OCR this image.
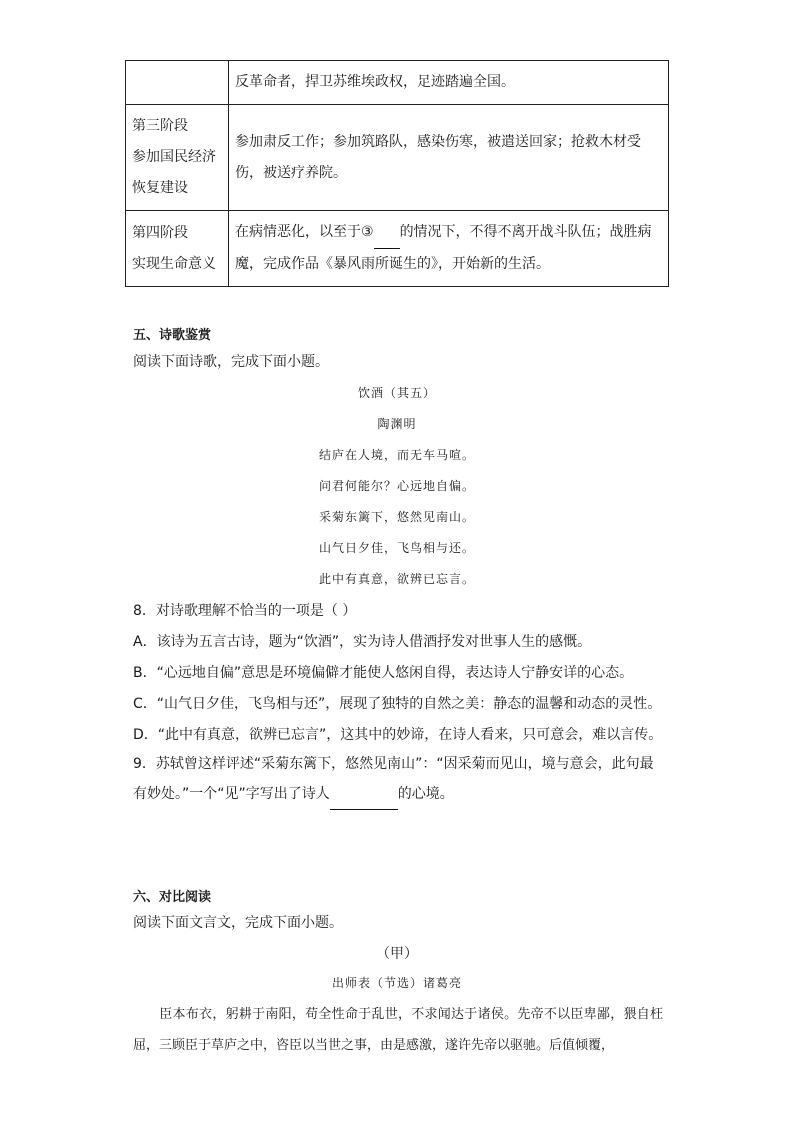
	反革命者，捍卫苏维埃政权，足迹踏遍全国。
第三阶段
参加国民经济
恢复建设	参加肃反工作；参加筑路队，感染伤寒，被遣送回家；抢救木材受伤，被送疗养院。
第四阶段
实现生命意义	在病情恶化，以至于③ 的情况下，不得不离开战斗队伍；战胜病魔，完成作品《暴风雨所诞生的》，开始新的生活。
五、诗歌鉴赏
阅读下面诗歌，完成下面小题。
饮酒（其五）
陶渊明
结庐在人境，而无车马喧。
问君何能尔？心远地自偏。
采菊东篱下，悠然见南山。
山气日夕佳，飞鸟相与还。
此中有真意，欲辨已忘言。
8．对诗歌理解不恰当的一项是（ ）
A．该诗为五言古诗，题为“饮酒”，实为诗人借酒抒发对世事人生的感慨。
B．“心远地自偏”意思是环境偏僻才能使人悠闲自得，表达诗人宁静安详的心态。
C．“山气日夕佳，飞鸟相与还”，展现了独特的自然之美：静态的温馨和动态的灵性。
D．“此中有真意，欲辨已忘言”，这其中的妙谛，在诗人看来，只可意会，难以言传。
9．苏轼曾这样评述“采菊东篱下，悠然见南山”：“因采菊而见山，境与意会，此句最有妙处。”一个“见”字写出了诗人	的心境。
六、对比阅读
阅读下面文言文，完成下面小题。
（甲）
出师表（节选）诸葛亮
臣本布衣，躬耕于南阳，苟全性命于乱世，不求闻达于诸侯。先帝不以臣卑鄙，猥自枉屈，三顾臣于草庐之中，咨臣以当世之事，由是感激，遂许先帝以驱驰。后值倾覆，
